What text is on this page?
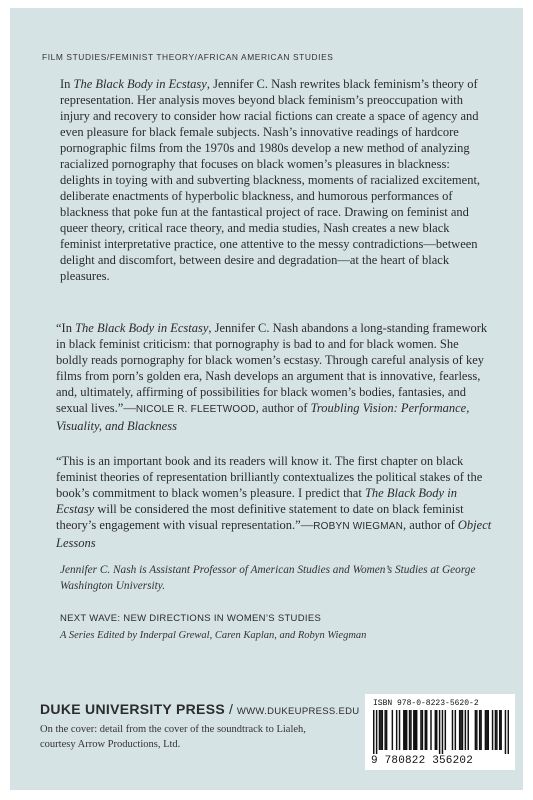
FILM STUDIES/FEMINIST THEORY/AFRICAN AMERICAN STUDIES

In The Black Body in Ecstasy, Jennifer C. Nash rewrites black feminism’s theory of representation. Her analysis moves beyond black feminism’s preoccupation with injury and recovery to consider how racial fictions can create a space of agency and even pleasure for black female subjects. Nash’s innovative readings of hardcore pornographic films from the 1970s and 1980s develop a new method of analyzing racialized pornography that focuses on black women’s pleasures in blackness: delights in toying with and subverting blackness, moments of racialized excitement, deliberate enactments of hyperbolic blackness, and humorous performances of blackness that poke fun at the fantastical project of race. Drawing on feminist and queer theory, critical race theory, and media studies, Nash creates a new black feminist interpretative practice, one attentive to the messy contradictions—between delight and discomfort, between desire and degradation—at the heart of black pleasures.

“In The Black Body in Ecstasy, Jennifer C. Nash abandons a long-standing framework in black feminist criticism: that pornography is bad to and for black women. She boldly reads pornography for black women’s ecstasy. Through careful analysis of key films from porn’s golden era, Nash develops an argument that is innovative, fearless, and, ultimately, affirming of possibilities for black women’s bodies, fantasies, and sexual lives.”—NICOLE R. FLEETWOOD, author of Troubling Vision: Performance, Visuality, and Blackness

“This is an important book and its readers will know it. The first chapter on black feminist theories of representation brilliantly contextualizes the political stakes of the book’s commitment to black women’s pleasure. I predict that The Black Body in Ecstasy will be considered the most definitive statement to date on black feminist theory’s engagement with visual representation.”—ROBYN WIEGMAN, author of Object Lessons

Jennifer C. Nash is Assistant Professor of American Studies and Women’s Studies at George Washington University.

NEXT WAVE: NEW DIRECTIONS IN WOMEN’S STUDIES

A Series Edited by Inderpal Grewal, Caren Kaplan, and Robyn Wiegman

DUKE UNIVERSITY PRESS / WWW.DUKEUPRESS.EDU

On the cover: detail from the cover of the soundtrack to Lialeh, courtesy Arrow Productions, Ltd.

ISBN 978-0-8223-5620-2

9 780822 356202
